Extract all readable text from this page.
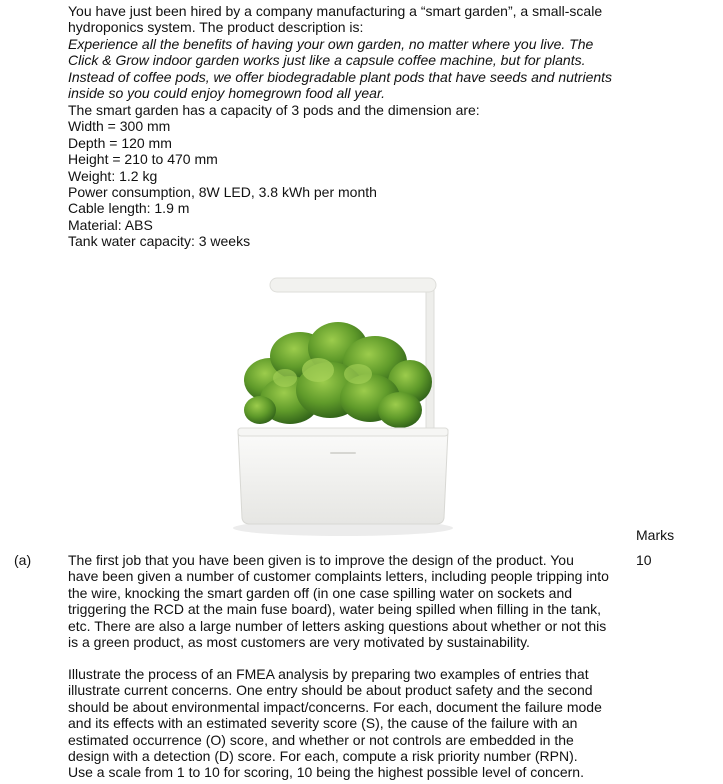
You have just been hired by a company manufacturing a “smart garden”, a small-scale
hydroponics system. The product description is:
Experience all the benefits of having your own garden, no matter where you live. The
Click & Grow indoor garden works just like a capsule coffee machine, but for plants.
Instead of coffee pods, we offer biodegradable plant pods that have seeds and nutrients
inside so you could enjoy homegrown food all year.
The smart garden has a capacity of 3 pods and the dimension are:
Width = 300 mm
Depth = 120 mm
Height = 210 to 470 mm
Weight: 1.2 kg
Power consumption, 8W LED, 3.8 kWh per month
Cable length: 1.9 m
Material: ABS
Tank water capacity: 3 weeks
Marks
(a)	10
The first job that you have been given is to improve the design of the product. You
have been given a number of customer complaints letters, including people tripping into
the wire, knocking the smart garden off (in one case spilling water on sockets and
triggering the RCD at the main fuse board), water being spilled when filling in the tank,
etc. There are also a large number of letters asking questions about whether or not this
is a green product, as most customers are very motivated by sustainability.
Illustrate the process of an FMEA analysis by preparing two examples of entries that
illustrate current concerns. One entry should be about product safety and the second
should be about environmental impact/concerns. For each, document the failure mode
and its effects with an estimated severity score (S), the cause of the failure with an
estimated occurrence (O) score, and whether or not controls are embedded in the
design with a detection (D) score. For each, compute a risk priority number (RPN).
Use a scale from 1 to 10 for scoring, 10 being the highest possible level of concern.
